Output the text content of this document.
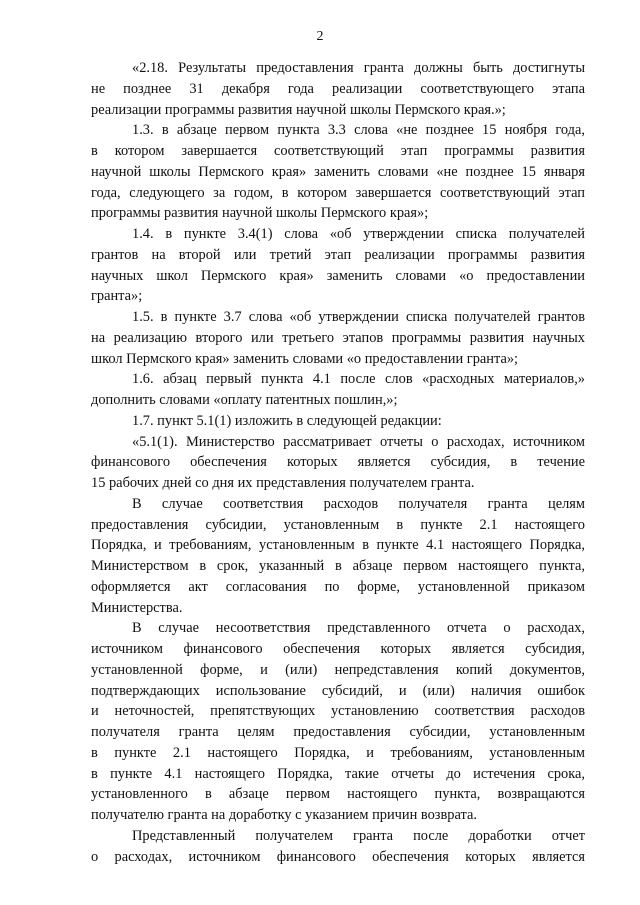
2
«2.18. Результаты предоставления гранта должны быть достигнуты
не позднее 31 декабря года реализации соответствующего этапа
реализации программы развития научной школы Пермского края.»;
1.3. в абзаце первом пункта 3.3 слова «не позднее 15 ноября года,
в котором завершается соответствующий этап программы развития
научной школы Пермского края» заменить словами «не позднее 15 января
года, следующего за годом, в котором завершается соответствующий этап
программы развития научной школы Пермского края»;
1.4. в пункте 3.4(1) слова «об утверждении списка получателей
грантов на второй или третий этап реализации программы развития
научных школ Пермского края» заменить словами «о предоставлении
гранта»;
1.5. в пункте 3.7 слова «об утверждении списка получателей грантов
на реализацию второго или третьего этапов программы развития научных
школ Пермского края» заменить словами «о предоставлении гранта»;
1.6. абзац первый пункта 4.1 после слов «расходных материалов,»
дополнить словами «оплату патентных пошлин,»;
1.7. пункт 5.1(1) изложить в следующей редакции:
«5.1(1). Министерство рассматривает отчеты о расходах, источником
финансового обеспечения которых является субсидия, в течение
15 рабочих дней со дня их представления получателем гранта.
В случае соответствия расходов получателя гранта целям
предоставления субсидии, установленным в пункте 2.1 настоящего
Порядка, и требованиям, установленным в пункте 4.1 настоящего Порядка,
Министерством в срок, указанный в абзаце первом настоящего пункта,
оформляется акт согласования по форме, установленной приказом
Министерства.
В случае несоответствия представленного отчета о расходах,
источником финансового обеспечения которых является субсидия,
установленной форме, и (или) непредставления копий документов,
подтверждающих использование субсидий, и (или) наличия ошибок
и неточностей, препятствующих установлению соответствия расходов
получателя гранта целям предоставления субсидии, установленным
в пункте 2.1 настоящего Порядка, и требованиям, установленным
в пункте 4.1 настоящего Порядка, такие отчеты до истечения срока,
установленного в абзаце первом настоящего пункта, возвращаются
получателю гранта на доработку с указанием причин возврата.
Представленный получателем гранта после доработки отчет
о расходах, источником финансового обеспечения которых является
